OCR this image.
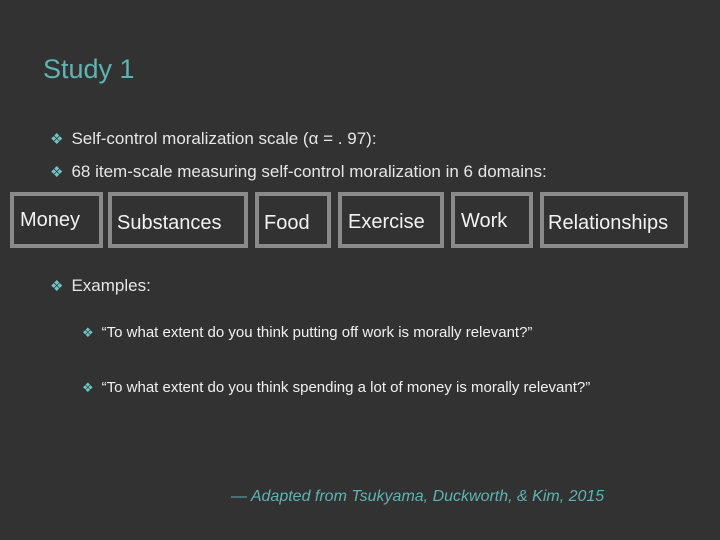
Study 1
❖ Self-control moralization scale (α = . 97):
❖ 68 item-scale measuring self-control moralization in 6 domains:
Money Substances Food Exercise Work Relationships
❖ Examples:
❖ “To what extent do you think putting off work is morally relevant?”
❖ “To what extent do you think spending a lot of money is morally relevant?”
— Adapted from Tsukyama, Duckworth, & Kim, 2015
